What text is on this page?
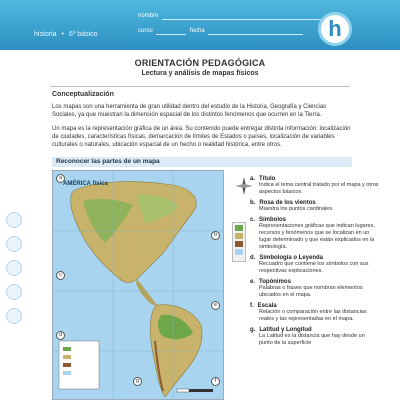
historia • 6º básico
nombre
curso	fecha	h
ORIENTACIÓN PEDAGÓGICA
Lectura y análisis de mapas físicos
Conceptualización
Los mapas son una herramienta de gran utilidad dentro del estudio de la Historia, Geografía y Ciencias Sociales, ya que muestran la dimensión espacial de los distintos fenómenos que ocurren en la Tierra.
Un mapa es la representación gráfica de un área. Su contenido puede entregar distinta información: localización de ciudades, características físicas, demarcación de límites de Estados o países, localización de variables culturales o naturales, ubicación espacial de un hecho o realidad histórica, entre otros.
Reconocer las partes de un mapa
AMÉRICA física
a
b
c
d
e
f
g
a. Título
Indica el tema central tratado por el mapa y otros aspectos básicos.
b. Rosa de los vientos
Muestra los puntos cardinales.
c. Símbolos
Representaciones gráficas que indican lugares, recursos y fenómenos que se localizan en un lugar determinado y que están explicados en la simbología.
d. Simbología o Leyenda
Recuadro que contiene los símbolos con sus respectivas explicaciones.
e. Topónimos
Palabras o frases que nombran elementos ubicados en el mapa.
f. Escala
Relación o comparación entre las distancias reales y las representadas en el mapa.
g. Latitud y Longitud
La Latitud es la distancia que hay desde un punto de la superficie
